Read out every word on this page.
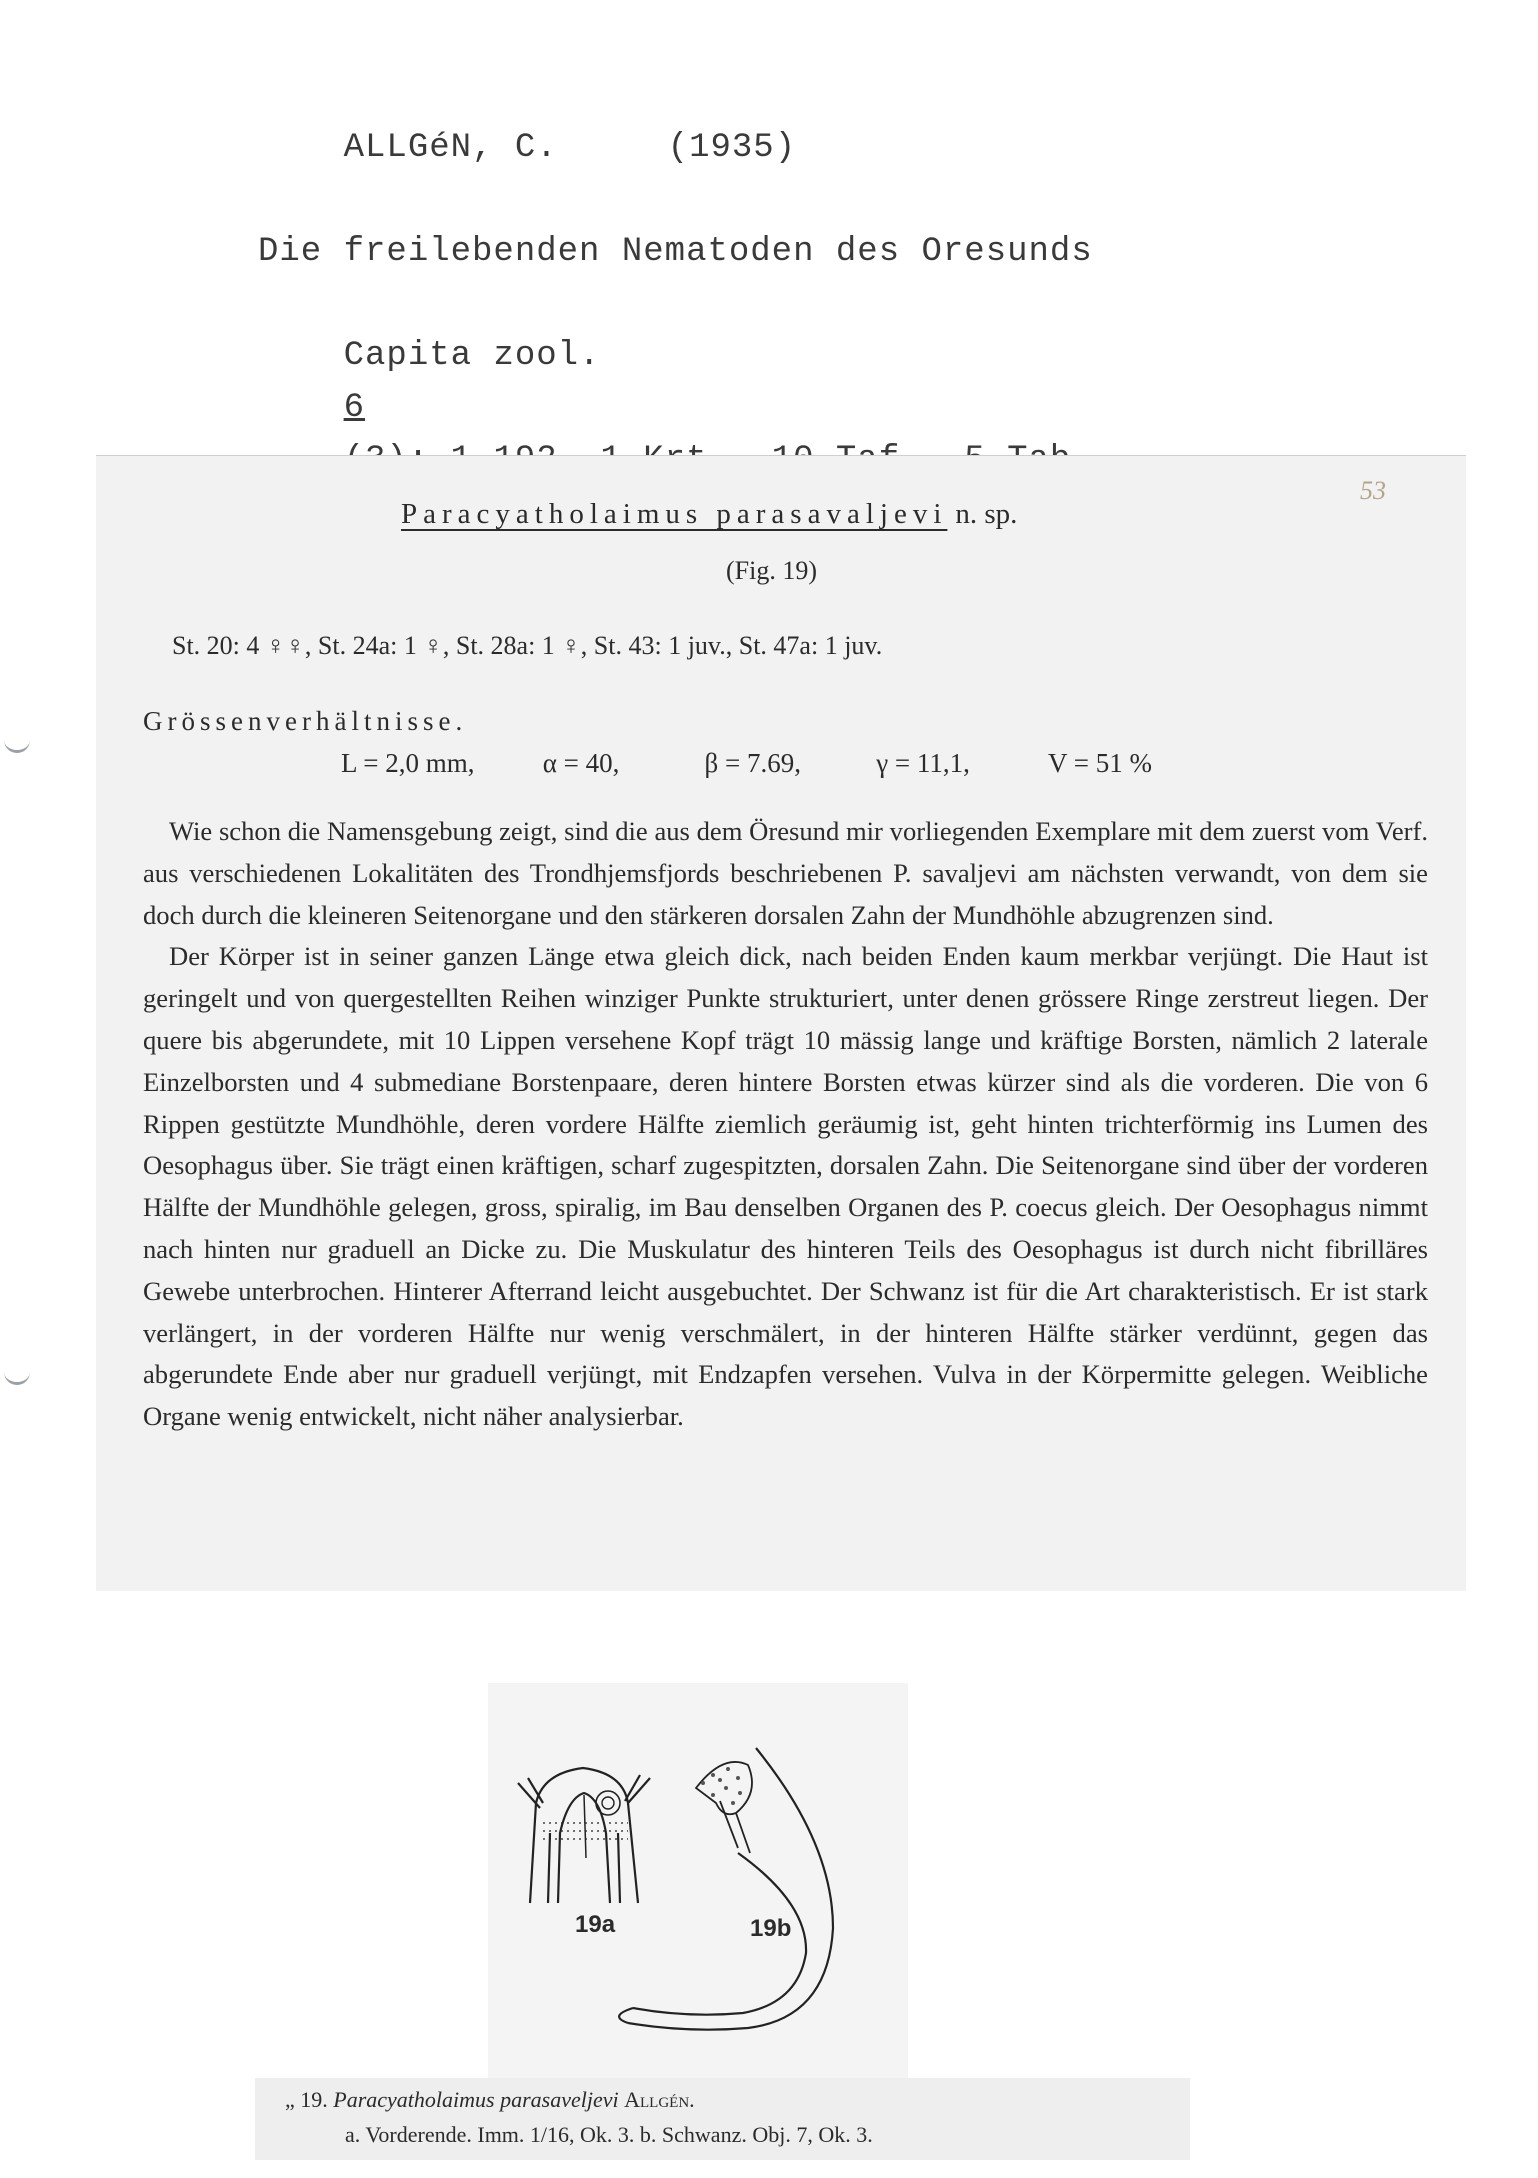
ALLGéN, C.	(1935)

Die freilebenden Nematoden des Oresunds

Capita zool.
6

Paracyatholaimus parasavaljevi n. sp.
53
(Fig. 19)
St. 20: 4 ♀♀, St. 24a: 1 ♀, St. 28a: 1 ♀, St. 43: 1 juv., St. 47a: 1 juv.
Grössenverhältnisse.
L = 2,0 mm,	α = 40,	β = 7.69,	γ = 11,1,	V = 51 %

Wie schon die Namensgebung zeigt, sind die aus dem Öresund mir vorliegenden Exemplare mit dem zuerst vom Verf. aus verschiedenen Lokalitäten des Trondhjemsfjords beschriebenen P. savaljevi am nächsten verwandt, von dem sie doch durch die kleineren Seitenorgane und den stärkeren dorsalen Zahn der Mundhöhle abzugrenzen sind.

Der Körper ist in seiner ganzen Länge etwa gleich dick, nach beiden Enden kaum merkbar verjüngt. Die Haut ist geringelt und von quergestellten Reihen winziger Punkte strukturiert, unter denen grössere Ringe zerstreut liegen. Der quere bis abgerundete, mit 10 Lippen versehene Kopf trägt 10 mässig lange und kräftige Borsten, nämlich 2 laterale Einzelborsten und 4 submediane Borstenpaare, deren hintere Borsten etwas kürzer sind als die vorderen. Die von 6 Rippen gestützte Mundhöhle, deren vordere Hälfte ziemlich geräumig ist, geht hinten trichterförmig ins Lumen des Oesophagus über. Sie trägt einen kräftigen, scharf zugespitzten, dorsalen Zahn. Die Seitenorgane sind über der vorderen Hälfte der Mundhöhle gelegen, gross, spiralig, im Bau denselben Organen des P. coecus gleich. Der Oesophagus nimmt nach hinten nur graduell an Dicke zu. Die Muskulatur des hinteren Teils des Oesophagus ist durch nicht fibrilläres Gewebe unterbrochen. Hinterer Afterrand leicht ausgebuchtet. Der Schwanz ist für die Art charakteristisch. Er ist stark verlängert, in der vorderen Hälfte nur wenig verschmälert, in der hinteren Hälfte stärker verdünnt, gegen das abgerundete Ende aber nur graduell verjüngt, mit Endzapfen versehen. Vulva in der Körpermitte gelegen. Weibliche Organe wenig entwickelt, nicht näher analysierbar.

19a	19b
„ 19. Paracyatholaimus parasaveljevi Allgén.
a. Vorderende. Imm. 1/16, Ok. 3. b. Schwanz. Obj. 7, Ok. 3.
